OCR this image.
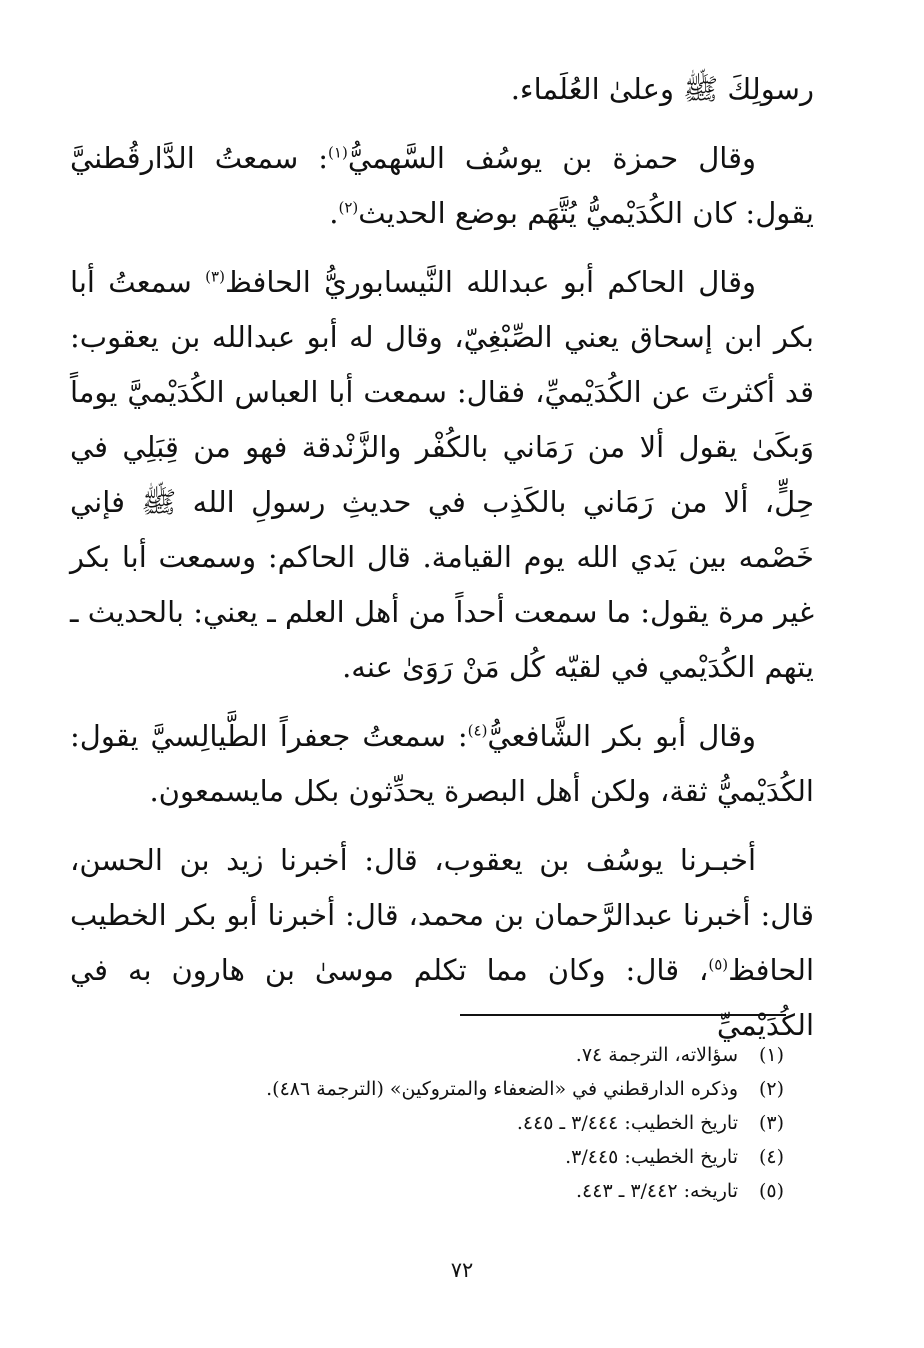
رسولِكَ ﷺ وعلىٰ العُلَماء.
وقال حمزة بن يوسُف السَّهميُّ$^{(١)}$: سمعتُ الدَّارقُطنيَّ يقول: كان الكُدَيْميُّ يُتَّهَم بوضع الحديث$^{(٢)}$.
وقال الحاكم أبو عبدالله النَّيسابوريُّ الحافظ$^{(٣)}$ سمعتُ أبا بكر ابن إسحاق يعني الصِّبْغِيّ، وقال له أبو عبدالله بن يعقوب: قد أكثرتَ عن الكُدَيْميِّ، فقال: سمعت أبا العباس الكُدَيْميَّ يوماً وَبكَىٰ يقول ألا من رَمَاني بالكُفْر والزَّنْدقة فهو من قِبَلِي في حِلٍّ، ألا من رَمَاني بالكَذِب في حديثِ رسولِ الله ﷺ فإني خَصْمه بين يَدي الله يوم القيامة. قال الحاكم: وسمعت أبا بكر غير مرة يقول: ما سمعت أحداً من أهل العلم ـ يعني: بالحديث ـ يتهم الكُدَيْمي في لقيّه كُل مَنْ رَوَىٰ عنه.
وقال أبو بكر الشَّافعيُّ$^{(٤)}$: سمعتُ جعفراً الطَّيالِسيَّ يقول: الكُدَيْميُّ ثقة، ولكن أهل البصرة يحدِّثون بكل مايسمعون.
أخبـرنا يوسُف بن يعقوب، قال: أخبرنا زيد بن الحسن، قال: أخبرنا عبدالرَّحمان بن محمد، قال: أخبرنا أبو بكر الخطيب الحافظ$^{(٥)}$، قال: وكان مما تكلم موسىٰ بن هارون به في الكُدَيْميِّ
(١)
سؤالاته، الترجمة ٧٤.
(٢)
وذكره الدارقطني في «الضعفاء والمتروكين» (الترجمة ٤٨٦).
(٣)
تاريخ الخطيب: ٣/٤٤٤ ـ ٤٤٥.
(٤)
تاريخ الخطيب: ٣/٤٤٥.
(٥)
تاريخه: ٣/٤٤٢ ـ ٤٤٣.
٧٢
